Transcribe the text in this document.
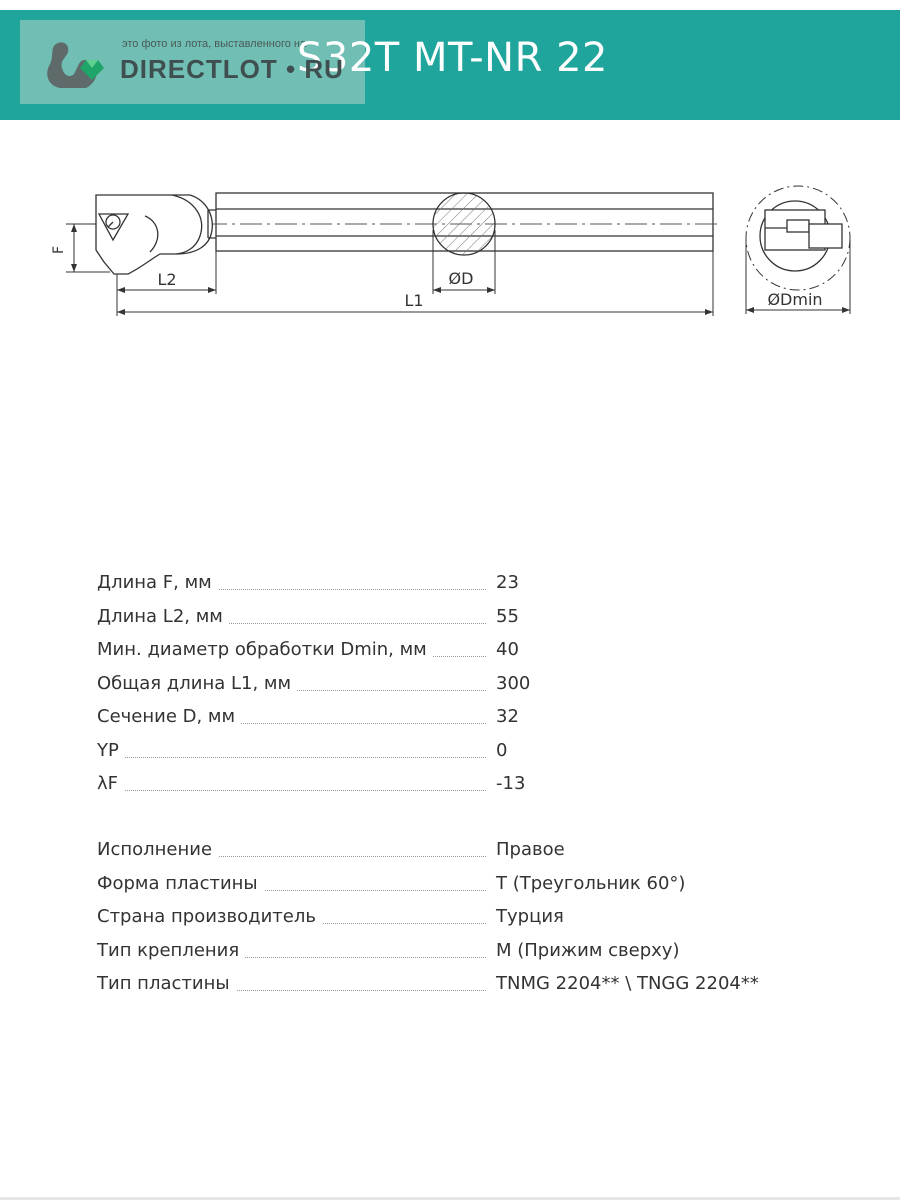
это фото из лота, выставленного на
S32T MT-NR 22
DIRECTLOT • RU
F
L2	ØD
L1	ØDmin
Длина F, мм	23
Длина L2, мм	55
Мин. диаметр обработки Dmin, мм	40
Общая длина L1, мм	300
Сечение D, мм	32
YP	0
λF	-13
Исполнение	Правое
Форма пластины	T (Треугольник 60°)
Страна производитель	Турция
Тип крепления	M (Прижим сверху)
Тип пластины	TNMG 2204** \ TNGG 2204**
